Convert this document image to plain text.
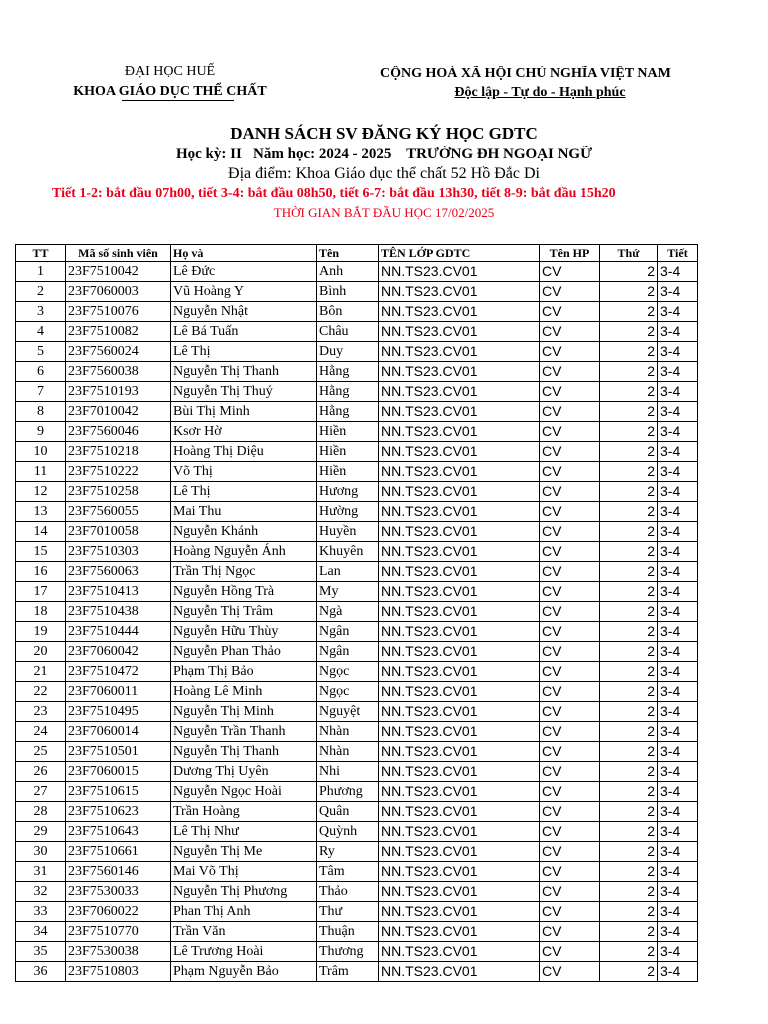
ĐẠI HỌC HUẾ
KHOA GIÁO DỤC THỂ CHẤT
CỘNG HOÀ XÃ HỘI CHỦ NGHĨA VIỆT NAM
Độc lập - Tự do - Hạnh phúc
DANH SÁCH SV ĐĂNG KÝ HỌC GDTC
Học kỳ: II   Năm học: 2024 - 2025    TRƯỜNG ĐH NGOẠI NGỮ
Địa điểm: Khoa Giáo dục thể chất 52 Hồ Đắc Di
Tiết 1-2: bắt đầu 07h00, tiết 3-4: bắt đầu 08h50, tiết 6-7: bắt đầu 13h30, tiết 8-9: bắt đầu 15h20
THỜI GIAN BẮT ĐẦU HỌC 17/02/2025
TT	Mã số sinh viên	Họ và	Tên	TÊN LỚP GDTC	Tên HP	Thứ	Tiết
1	23F7510042	Lê Đức	Anh	NN.TS23.CV01	CV	2	3-4
2	23F7060003	Vũ Hoàng Y	Bình	NN.TS23.CV01	CV	2	3-4
3	23F7510076	Nguyễn Nhật	Bôn	NN.TS23.CV01	CV	2	3-4
4	23F7510082	Lê Bá Tuấn	Châu	NN.TS23.CV01	CV	2	3-4
5	23F7560024	Lê Thị	Duy	NN.TS23.CV01	CV	2	3-4
6	23F7560038	Nguyễn Thị Thanh	Hằng	NN.TS23.CV01	CV	2	3-4
7	23F7510193	Nguyễn Thị Thuý	Hằng	NN.TS23.CV01	CV	2	3-4
8	23F7010042	Bùi Thị Minh	Hằng	NN.TS23.CV01	CV	2	3-4
9	23F7560046	Ksơr Hờ	Hiền	NN.TS23.CV01	CV	2	3-4
10	23F7510218	Hoàng Thị Diệu	Hiền	NN.TS23.CV01	CV	2	3-4
11	23F7510222	Võ Thị	Hiền	NN.TS23.CV01	CV	2	3-4
12	23F7510258	Lê Thị	Hương	NN.TS23.CV01	CV	2	3-4
13	23F7560055	Mai Thu	Hường	NN.TS23.CV01	CV	2	3-4
14	23F7010058	Nguyễn Khánh	Huyền	NN.TS23.CV01	CV	2	3-4
15	23F7510303	Hoàng Nguyễn Ánh	Khuyên	NN.TS23.CV01	CV	2	3-4
16	23F7560063	Trần Thị Ngọc	Lan	NN.TS23.CV01	CV	2	3-4
17	23F7510413	Nguyễn Hồng Trà	My	NN.TS23.CV01	CV	2	3-4
18	23F7510438	Nguyễn Thị Trâm	Ngà	NN.TS23.CV01	CV	2	3-4
19	23F7510444	Nguyễn Hữu Thùy	Ngân	NN.TS23.CV01	CV	2	3-4
20	23F7060042	Nguyễn Phan Thảo	Ngân	NN.TS23.CV01	CV	2	3-4
21	23F7510472	Phạm Thị Bảo	Ngọc	NN.TS23.CV01	CV	2	3-4
22	23F7060011	Hoàng Lê Minh	Ngọc	NN.TS23.CV01	CV	2	3-4
23	23F7510495	Nguyễn Thị Minh	Nguyệt	NN.TS23.CV01	CV	2	3-4
24	23F7060014	Nguyễn Trần Thanh	Nhàn	NN.TS23.CV01	CV	2	3-4
25	23F7510501	Nguyễn Thị Thanh	Nhàn	NN.TS23.CV01	CV	2	3-4
26	23F7060015	Dương Thị Uyên	Nhi	NN.TS23.CV01	CV	2	3-4
27	23F7510615	Nguyễn Ngọc Hoài	Phương	NN.TS23.CV01	CV	2	3-4
28	23F7510623	Trần Hoàng	Quân	NN.TS23.CV01	CV	2	3-4
29	23F7510643	Lê Thị Như	Quỳnh	NN.TS23.CV01	CV	2	3-4
30	23F7510661	Nguyễn Thị Me	Ry	NN.TS23.CV01	CV	2	3-4
31	23F7560146	Mai Võ Thị	Tâm	NN.TS23.CV01	CV	2	3-4
32	23F7530033	Nguyễn Thị Phương	Thảo	NN.TS23.CV01	CV	2	3-4
33	23F7060022	Phan Thị Anh	Thư	NN.TS23.CV01	CV	2	3-4
34	23F7510770	Trần Văn	Thuận	NN.TS23.CV01	CV	2	3-4
35	23F7530038	Lê Trương Hoài	Thương	NN.TS23.CV01	CV	2	3-4
36	23F7510803	Phạm Nguyễn Bảo	Trâm	NN.TS23.CV01	CV	2	3-4
